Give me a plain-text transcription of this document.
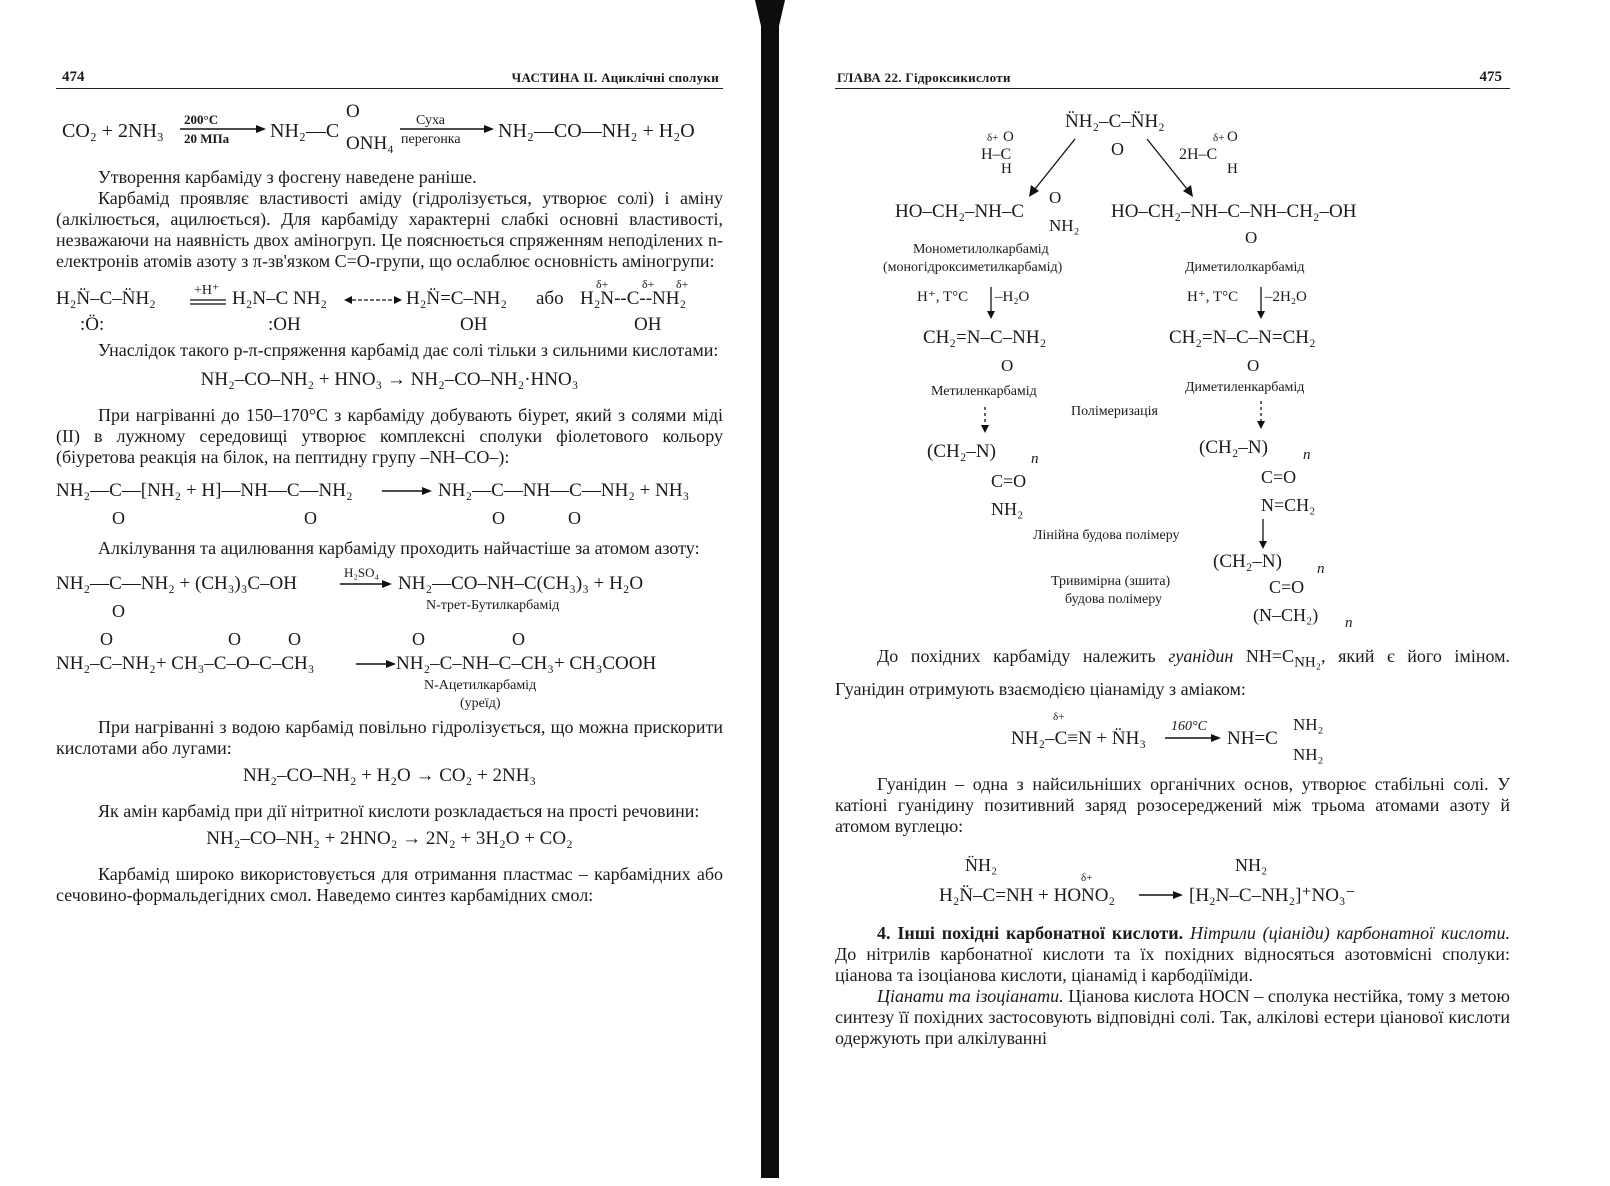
474	ЧАСТИНА II. Ациклічні сполуки
CO₂ + 2NH₃
200°C
20 МПа NH₂—C
O
ONH₄
Суха
перегонка NH₂—CO—NH₂ + H₂O

Утворення карбаміду з фосгену наведене раніше.

Карбамід проявляє властивості аміду (гідролізується, утворює солі) і аміну (алкілюється, ацилюється). Для карбаміду характерні слабкі основні властивості, незважаючи на наявність двох аміногруп. Це пояснюється спряженням неподілених n-електронів атомів азоту з π-зв'язком C=O-групи, що ослаблює основність аміногрупи:

H₂N̈–C–N̈H₂
:Ö:
+H⁺ H₂N–C NH₂
:OH
H₂N̈=C–NH₂
OH
або
δ+	δ+ δ+
H₂N--C--NH₂
OH

Унаслідок такого p-π-спряження карбамід дає солі тільки з сильними кислотами:

NH₂–CO–NH₂ + HNO₃ → NH₂–CO–NH₂·HNO₃

При нагріванні до 150–170°C з карбаміду добувають біурет, який з солями міді (II) в лужному середовищі утворює комплексні сполуки фіолетового кольору (біуретова реакція на білок, на пептидну групу –NH–CO–):

NH₂—C—[NH₂ + H]—NH—C—NH₂
O	O
NH₂—C—NH—C—NH₂ + NH₃
O	O

Алкілування та ацилювання карбаміду проходить найчастіше за атомом азоту:

NH₂—C—NH₂ + (CH₃)₃C–OH
O
H₂SO₄
NH₂—CO–NH–C(CH₃)₃ + H₂O
N-трет-Бутилкарбамід
O	O	O	O	O
NH₂–C–NH₂+ CH₃–C–O–C–CH₃	NH₂–C–NH–C–CH₃+ CH₃COOH
N-Ацетилкарбамід
(уреїд)

При нагріванні з водою карбамід повільно гідролізується, що можна прискорити кислотами або лугами:

NH₂–CO–NH₂ + H₂O → CO₂ + 2NH₃

Як амін карбамід при дії нітритної кислоти розкладається на прості речовини:

NH₂–CO–NH₂ + 2HNO₂ → 2N₂ + 3H₂O + CO₂

Карбамід широко використовується для отримання пластмас – карбамідних або сечовино-формальдегідних смол. Наведемо синтез карбамідних смол:

ГЛАВА 22. Гідроксикислоти	475
N̈H₂–C–N̈H₂
O
δ+ O
H–C
H
δ+ O
2H–C
H
HO–CH₂–NH–C
O
NH₂
HO–CH₂–NH–C–NH–CH₂–OH
O
Монометилолкарбамід
(моногідроксиметилкарбамід)	Диметилолкарбамід
H⁺, T°C –H₂O	H⁺, T°C –2H₂O
CH₂=N–C–NH₂
O
CH₂=N–C–N=CH₂
O
Метиленкарбамід	Диметиленкарбамід
Полімеризація
(CH₂–N) n
C=O
NH₂
Лінійна будова полімеру
(CH₂–N) n
C=O
N=CH₂
(CH₂–N) n
C=O
(N–CH₂) n
Тривимірна (зшита)
будова полімеру

До похідних карбаміду належить гуанідин $NH=C_{NH_2}$, який є його іміном. Гуанідин отримують взаємодією ціанаміду з аміаком:

δ+
NH₂–C≡N + N̈H₃
160°C
NH=C
NH₂
NH₂

Гуанідин – одна з найсильніших органічних основ, утворює стабільні солі. У катіоні гуанідину позитивний заряд розосереджений між трьома атомами азоту й атомом вуглецю:

N̈H₂
δ+
H₂N̈–C=NH + HONO₂
NH₂
[H₂N–C–NH₂]⁺NO₃⁻

4. Інші похідні карбонатної кислоти. Нітрили (ціаніди) карбонатної кислоти. До нітрилів карбонатної кислоти та їх похідних відносяться азотовмісні сполуки: ціанова та ізоціанова кислоти, ціанамід і карбодіїміди.

Ціанати та ізоціанати. Ціанова кислота HOCN – сполука нестійка, тому з метою синтезу її похідних застосовують відповідні солі. Так, алкілові естери ціанової кислоти одержують при алкілуванні
